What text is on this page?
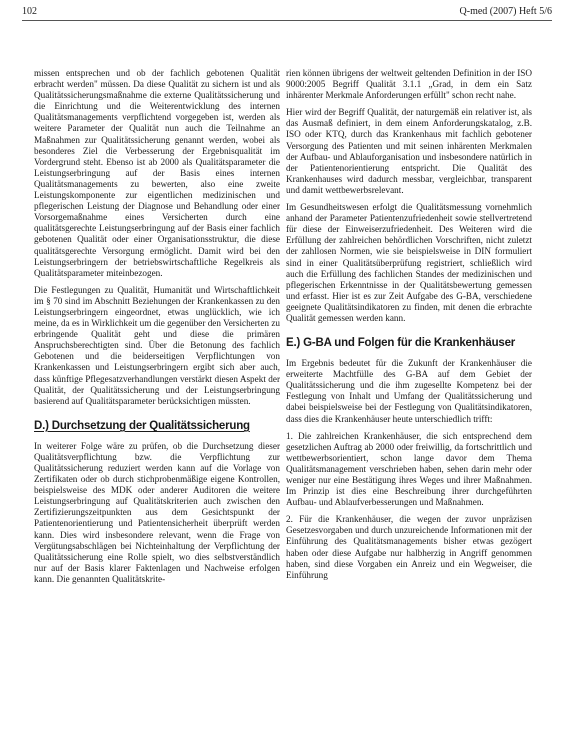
102	Q-med (2007) Heft 5/6

missen entsprechen und ob der fachlich gebotenen Qualität erbracht werden" müssen. Da diese Qualität zu sichern ist und als Qualitätssicherungsmaßnahme die externe Qualitätssicherung und die Einrichtung und die Weiterentwicklung des internen Qualitätsmanagements verpflichtend vorgegeben ist, werden als weitere Parameter der Qualität nun auch die Teilnahme an Maßnahmen zur Qualitätssicherung genannt werden, wobei als besonderes Ziel die Verbesserung der Ergebnisqualität im Vordergrund steht. Ebenso ist ab 2000 als Qualitätsparameter die Leistungserbringung auf der Basis eines internen Qualitätsmanagements zu bewerten, also eine zweite Leistungskomponente zur eigentlichen medizinischen und pflegerischen Leistung der Diagnose und Behandlung oder einer Vorsorgemaßnahme eines Versicherten durch eine qualitätsgerechte Leistungserbringung auf der Basis einer fachlich gebotenen Qualität oder einer Organisationsstruktur, die diese qualitätsgerechte Versorgung ermöglicht. Damit wird bei den Leistungserbringern der betriebswirtschaftliche Regelkreis als Qualitätsparameter miteinbezogen.

Die Festlegungen zu Qualität, Humanität und Wirtschaftlichkeit im § 70 sind im Abschnitt Beziehungen der Krankenkassen zu den Leistungserbringern eingeordnet, etwas unglücklich, wie ich meine, da es in Wirklichkeit um die gegenüber den Versicherten zu erbringende Qualität geht und diese die primären Anspruchsberechtigten sind. Über die Betonung des fachlich Gebotenen und die beiderseitigen Verpflichtungen von Krankenkassen und Leistungserbringern ergibt sich aber auch, dass künftige Pflegesatzverhandlungen verstärkt diesen Aspekt der Qualität, der Qualitätssicherung und der Leistungserbringung basierend auf Qualitätsparameter berücksichtigen müssten.

D.) Durchsetzung der Qualitätssicherung

In weiterer Folge wäre zu prüfen, ob die Durchsetzung dieser Qualitätsverpflichtung bzw. die Verpflichtung zur Qualitätssicherung reduziert werden kann auf die Vorlage von Zertifikaten oder ob durch stichprobenmäßige eigene Kontrollen, beispielsweise des MDK oder anderer Auditoren die weitere Leistungserbringung auf Qualitätskriterien auch zwischen den Zertifizierungszeitpunkten aus dem Gesichtspunkt der Patientenorientierung und Patientensicherheit überprüft werden kann. Dies wird insbesondere relevant, wenn die Frage von Vergütungsabschlägen bei Nichteinhaltung der Verpflichtung der Qualitätssicherung eine Rolle spielt, wo dies selbstverständlich nur auf der Basis klarer Faktenlagen und Nachweise erfolgen kann. Die genannten Qualitätskrite-

rien können übrigens der weltweit geltenden Definition in der ISO 9000:2005 Begriff Qualität 3.1.1 „Grad, in dem ein Satz inhärenter Merkmale Anforderungen erfüllt" schon recht nahe.

Hier wird der Begriff Qualität, der naturgemäß ein relativer ist, als das Ausmaß definiert, in dem einem Anforderungskatalog, z.B. ISO oder KTQ, durch das Krankenhaus mit fachlich gebotener Versorgung des Patienten und mit seinen inhärenten Merkmalen der Aufbau- und Ablauforganisation und insbesondere natürlich in der Patientenorientierung entspricht. Die Qualität des Krankenhauses wird dadurch messbar, vergleichbar, transparent und damit wettbewerbsrelevant.

Im Gesundheitswesen erfolgt die Qualitätsmessung vornehmlich anhand der Parameter Patientenzufriedenheit sowie stellvertretend für diese der Einweiserzufriedenheit. Des Weiteren wird die Erfüllung der zahlreichen behördlichen Vorschriften, nicht zuletzt der zahllosen Normen, wie sie beispielsweise in DIN formuliert sind in einer Qualitätsüberprüfung registriert, schließlich wird auch die Erfüllung des fachlichen Standes der medizinischen und pflegerischen Erkenntnisse in der Qualitätsbewertung gemessen und erfasst. Hier ist es zur Zeit Aufgabe des G-BA, verschiedene geeignete Qualitätsindikatoren zu finden, mit denen die erbrachte Qualität gemessen werden kann.

E.) G-BA und Folgen für die Krankenhäuser

Im Ergebnis bedeutet für die Zukunft der Krankenhäuser die erweiterte Machtfülle des G-BA auf dem Gebiet der Qualitätssicherung und die ihm zugesellte Kompetenz bei der Festlegung von Inhalt und Umfang der Qualitätssicherung und dabei beispielsweise bei der Festlegung von Qualitätsindikatoren, dass dies die Krankenhäuser heute unterschiedlich trifft:

1. Die zahlreichen Krankenhäuser, die sich entsprechend dem gesetzlichen Auftrag ab 2000 oder freiwillig, da fortschrittlich und wettbewerbsorientiert, schon lange davor dem Thema Qualitätsmanagement verschrieben haben, sehen darin mehr oder weniger nur eine Bestätigung ihres Weges und ihrer Maßnahmen. Im Prinzip ist dies eine Beschreibung ihrer durchgeführten Aufbau- und Ablaufverbesserungen und Maßnahmen.

2. Für die Krankenhäuser, die wegen der zuvor unpräzisen Gesetzesvorgaben und durch unzureichende Informationen mit der Einführung des Qualitätsmanagements bisher etwas gezögert haben oder diese Aufgabe nur halbherzig in Angriff genommen haben, sind diese Vorgaben ein Anreiz und ein Wegweiser, die Einführung
